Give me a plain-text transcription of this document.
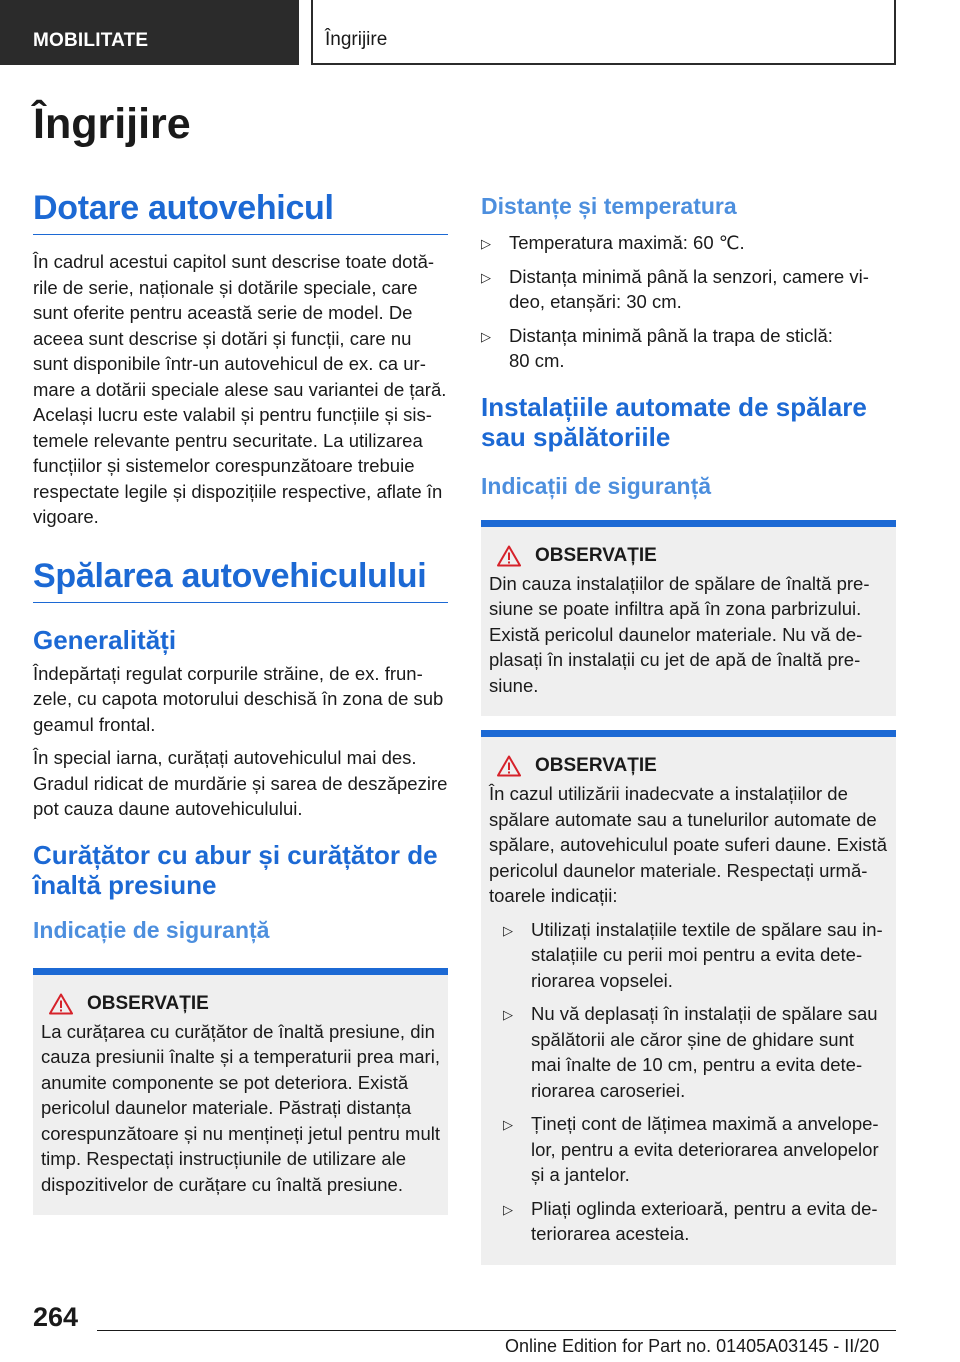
MOBILITATE	Îngrijire
Îngrijire
Dotare autovehicul

În cadrul acestui capitol sunt descrise toate dotările de serie, naționale și dotările speciale, care sunt oferite pentru această serie de model. De aceea sunt descrise și dotări și funcții, care nu sunt disponibile într-un autovehicul de ex. ca urmare a dotării speciale alese sau variantei de țară. Același lucru este valabil și pentru funcțiile și sistemele relevante pentru securitate. La utilizarea funcțiilor și sistemelor corespunzătoare trebuie respectate legile și dispozițiile respective, aflate în vigoare.

Spălarea autovehiculului
Generalități

Îndepărtați regulat corpurile străine, de ex. frunzele, cu capota motorului deschisă în zona de sub geamul frontal.

În special iarna, curățați autovehiculul mai des. Gradul ridicat de murdărie și sarea de deszăpezire pot cauza daune autovehiculului.

Curățător cu abur și curățător de înaltă presiune
Indicație de siguranță
OBSERVAȚIE
La curățarea cu curățător de înaltă presiune, din cauza presiunii înalte și a temperaturii prea mari, anumite componente se pot deteriora. Există pericolul daunelor materiale. Păstrați distanța corespunzătoare și nu mențineți jetul pentru mult timp. Respectați instrucțiunile de utilizare ale dispozitivelor de curățare cu înaltă presiune.
Distanțe și temperatura
▷ Temperatura maximă: 60 ℃.
▷ Distanța minimă până la senzori, camere video, etanșări: 30 cm.
▷ Distanța minimă până la trapa de sticlă: 80 cm.
Instalațiile automate de spălare sau spălătoriile
Indicații de siguranță
OBSERVAȚIE
Din cauza instalațiilor de spălare de înaltă presiune se poate infiltra apă în zona parbrizului. Există pericolul daunelor materiale. Nu vă deplasați în instalații cu jet de apă de înaltă presiune.
OBSERVAȚIE
În cazul utilizării inadecvate a instalațiilor de spălare automate sau a tunelurilor automate de spălare, autovehiculul poate suferi daune. Există pericolul daunelor materiale. Respectați următoarele indicații:
▷ Utilizați instalațiile textile de spălare sau instalațiile cu perii moi pentru a evita deteriorarea vopselei.
▷ Nu vă deplasați în instalații de spălare sau spălătorii ale căror șine de ghidare sunt mai înalte de 10 cm, pentru a evita deteriorarea caroseriei.
▷ Țineți cont de lățimea maximă a anvelopelor, pentru a evita deteriorarea anvelopelor și a jantelor.
▷ Pliați oglinda exterioară, pentru a evita deteriorarea acesteia.
264
Online Edition for Part no. 01405A03145 - II/20
